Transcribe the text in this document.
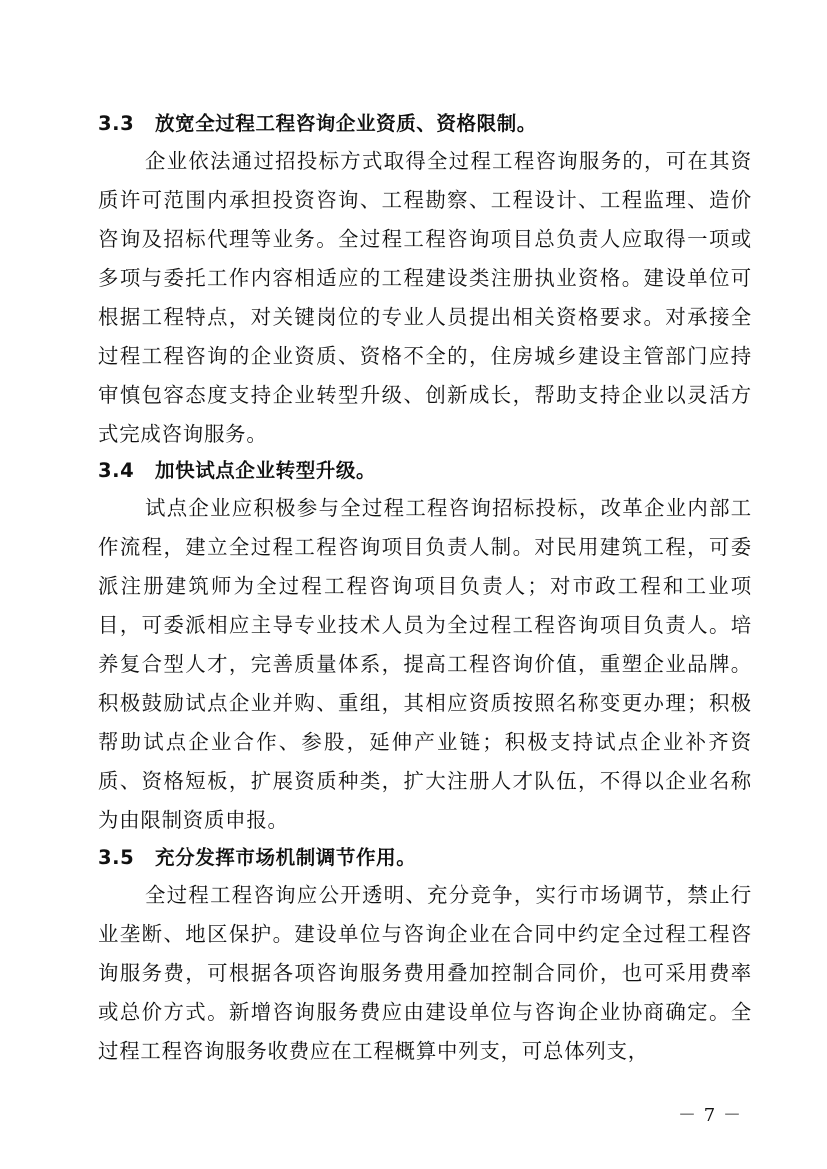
3.3 放宽全过程工程咨询企业资质、资格限制。

企业依法通过招投标方式取得全过程工程咨询服务的，可在其资质许可范围内承担投资咨询、工程勘察、工程设计、工程监理、造价咨询及招标代理等业务。全过程工程咨询项目总负责人应取得一项或多项与委托工作内容相适应的工程建设类注册执业资格。建设单位可根据工程特点，对关键岗位的专业人员提出相关资格要求。对承接全过程工程咨询的企业资质、资格不全的，住房城乡建设主管部门应持审慎包容态度支持企业转型升级、创新成长，帮助支持企业以灵活方式完成咨询服务。

3.4 加快试点企业转型升级。

试点企业应积极参与全过程工程咨询招标投标，改革企业内部工作流程，建立全过程工程咨询项目负责人制。对民用建筑工程，可委派注册建筑师为全过程工程咨询项目负责人；对市政工程和工业项目，可委派相应主导专业技术人员为全过程工程咨询项目负责人。培养复合型人才，完善质量体系，提高工程咨询价值，重塑企业品牌。积极鼓励试点企业并购、重组，其相应资质按照名称变更办理；积极帮助试点企业合作、参股，延伸产业链；积极支持试点企业补齐资质、资格短板，扩展资质种类，扩大注册人才队伍，不得以企业名称为由限制资质申报。

3.5 充分发挥市场机制调节作用。

全过程工程咨询应公开透明、充分竞争，实行市场调节，禁止行业垄断、地区保护。建设单位与咨询企业在合同中约定全过程工程咨询服务费，可根据各项咨询服务费用叠加控制合同价，也可采用费率或总价方式。新增咨询服务费应由建设单位与咨询企业协商确定。全过程工程咨询服务收费应在工程概算中列支，可总体列支，

－ 7 －
